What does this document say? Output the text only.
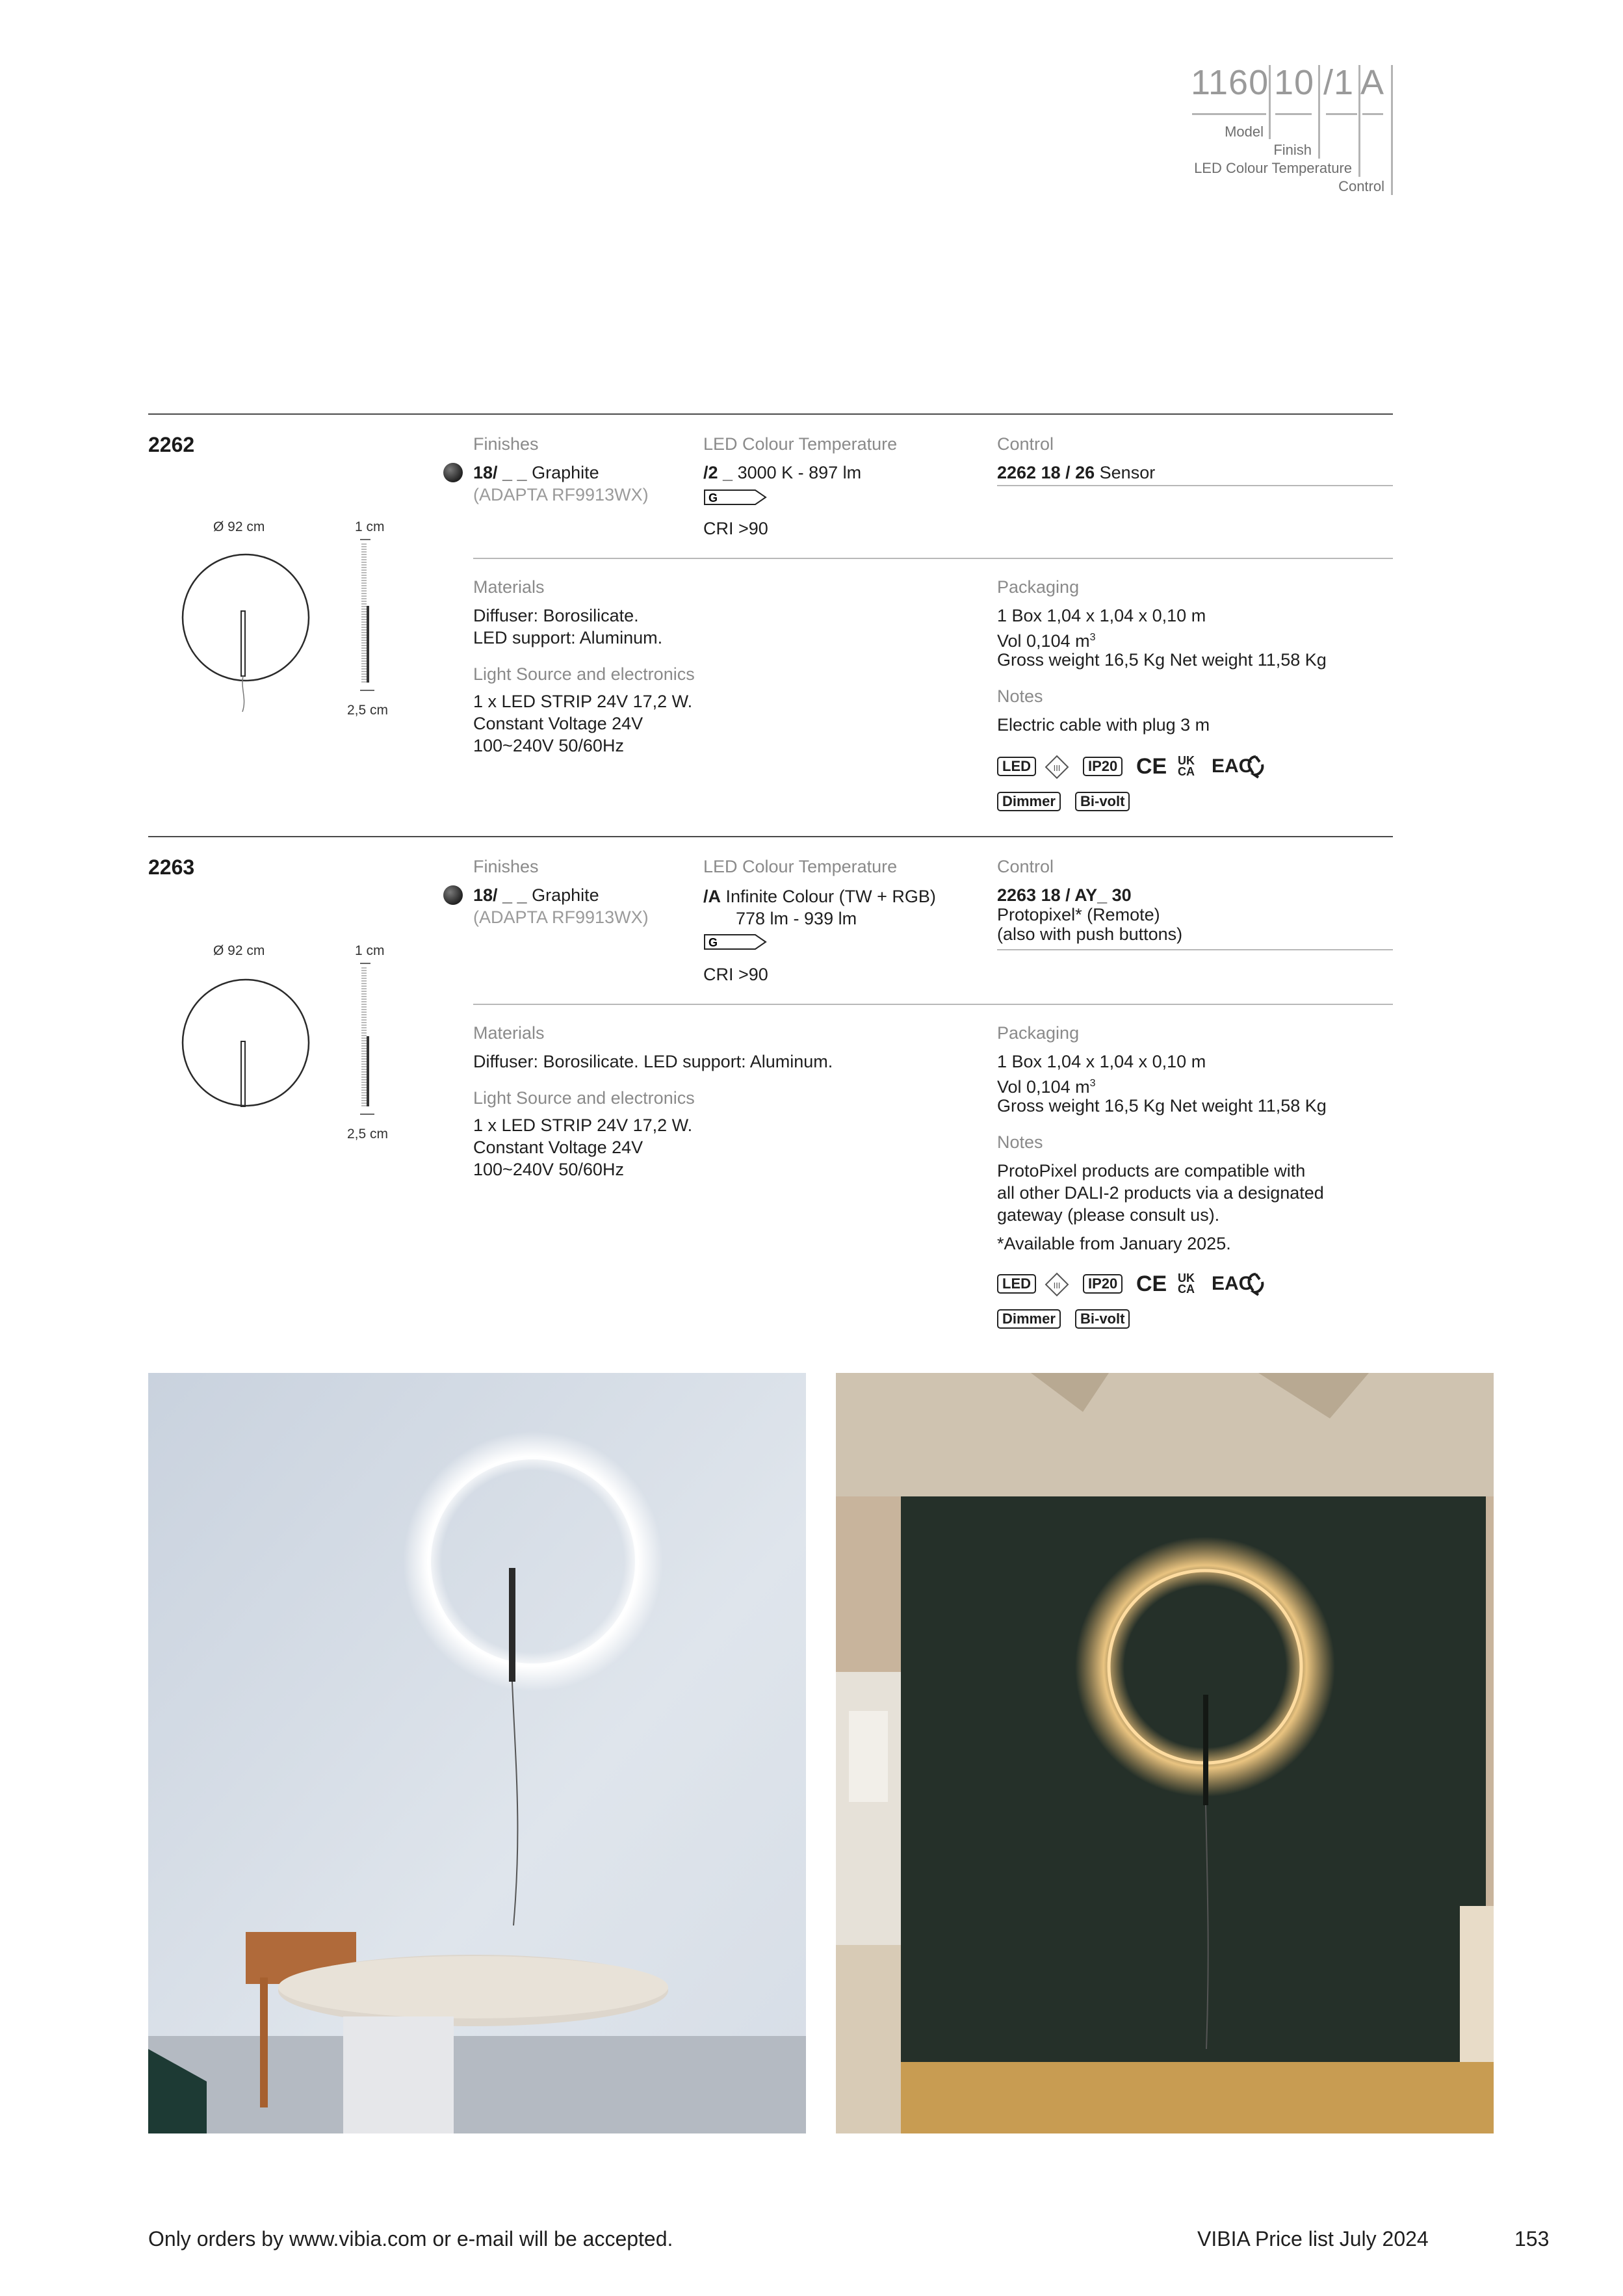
1160 10 /1 A
Model
Finish
LED Colour Temperature
Control
2262
Ø 92 cm	1 cm
2,5 cm
Finishes
18/ _ _ Graphite
(ADAPTA RF9913WX)
LED Colour Temperature
/2 _ 3000 K - 897 lm
G
CRI >90
Control
2262 18 / 26 Sensor
Materials
Diffuser: Borosilicate.
LED support: Aluminum.
Light Source and electronics
1 x LED STRIP 24V 17,2 W.
Constant Voltage 24V
100~240V 50/60Hz
Packaging
1 Box 1,04 x 1,04 x 0,10 m
Vol 0,104 $m^3$
Gross weight 16,5 Kg Net weight 11,58 Kg
Notes
Electric cable with plug 3 m
LED	III	IP20 CE UK
CA EAC
Dimmer	Bi-volt
2263
Ø 92 cm	1 cm
2,5 cm
Finishes
18/ _ _ Graphite
(ADAPTA RF9913WX)
LED Colour Temperature
/A Infinite Colour (TW + RGB)
778 lm - 939 lm
G
CRI >90
Control
2263 18 / AY_ 30
Protopixel* (Remote)
(also with push buttons)
Materials
Diffuser: Borosilicate. LED support: Aluminum.
Light Source and electronics
1 x LED STRIP 24V 17,2 W.
Constant Voltage 24V
100~240V 50/60Hz
Packaging
1 Box 1,04 x 1,04 x 0,10 m
Vol 0,104 $m^3$
Gross weight 16,5 Kg Net weight 11,58 Kg
Notes
ProtoPixel products are compatible with
all other DALI-2 products via a designated
gateway (please consult us).
*Available from January 2025.
LED	III	IP20 CE UK
CA EAC
Dimmer	Bi-volt
Only orders by www.vibia.com or e-mail will be accepted.	VIBIA Price list July 2024	153
